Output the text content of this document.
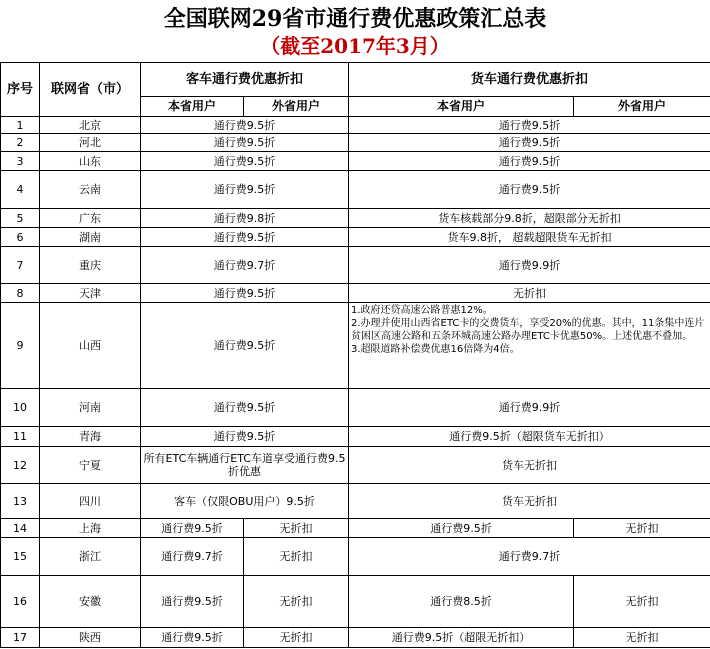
全国联网29省市通行费优惠政策汇总表
（截至2017年3月）
序号	联网省（市）	客车通行费优惠折扣		货车通行费优惠折扣	
		本省用户	外省用户	本省用户	外省用户
1	北京	通行费9.5折		通行费9.5折	
2	河北	通行费9.5折		通行费9.5折	
3	山东	通行费9.5折		通行费9.5折	
4	云南	通行费9.5折		通行费9.5折	
5	广东	通行费9.8折		货车核载部分9.8折，超限部分无折扣	
6	湖南	通行费9.5折		货车9.8折， 超载超限货车无折扣	
7	重庆	通行费9.7折		通行费9.9折	
8	天津	通行费9.5折		无折扣	
9	山西	通行费9.5折		1.政府还贷高速公路普惠12%。
2.办理并使用山西省ETC卡的交费货车，享受20%的优惠。其中，11条集中连片贫困区高速公路和五条环城高速公路办理ETC卡优惠50%。上述优惠不叠加。
3.超限道路补偿费优惠16倍降为4倍。	

10	河南	通行费9.5折		通行费9.9折	
11	青海	通行费9.5折		通行费9.5折（超限货车无折扣）	
12	宁夏	所有ETC车辆通行ETC车道享受通行费9.5折优惠		货车无折扣	
13	四川	客车（仅限OBU用户）9.5折		货车无折扣	
14	上海	通行费9.5折	无折扣	通行费9.5折	无折扣
15	浙江	通行费9.7折	无折扣	通行费9.7折	
16	安徽	通行费9.5折	无折扣	通行费8.5折	无折扣
17	陕西	通行费9.5折	无折扣	通行费9.5折（超限无折扣）	无折扣
